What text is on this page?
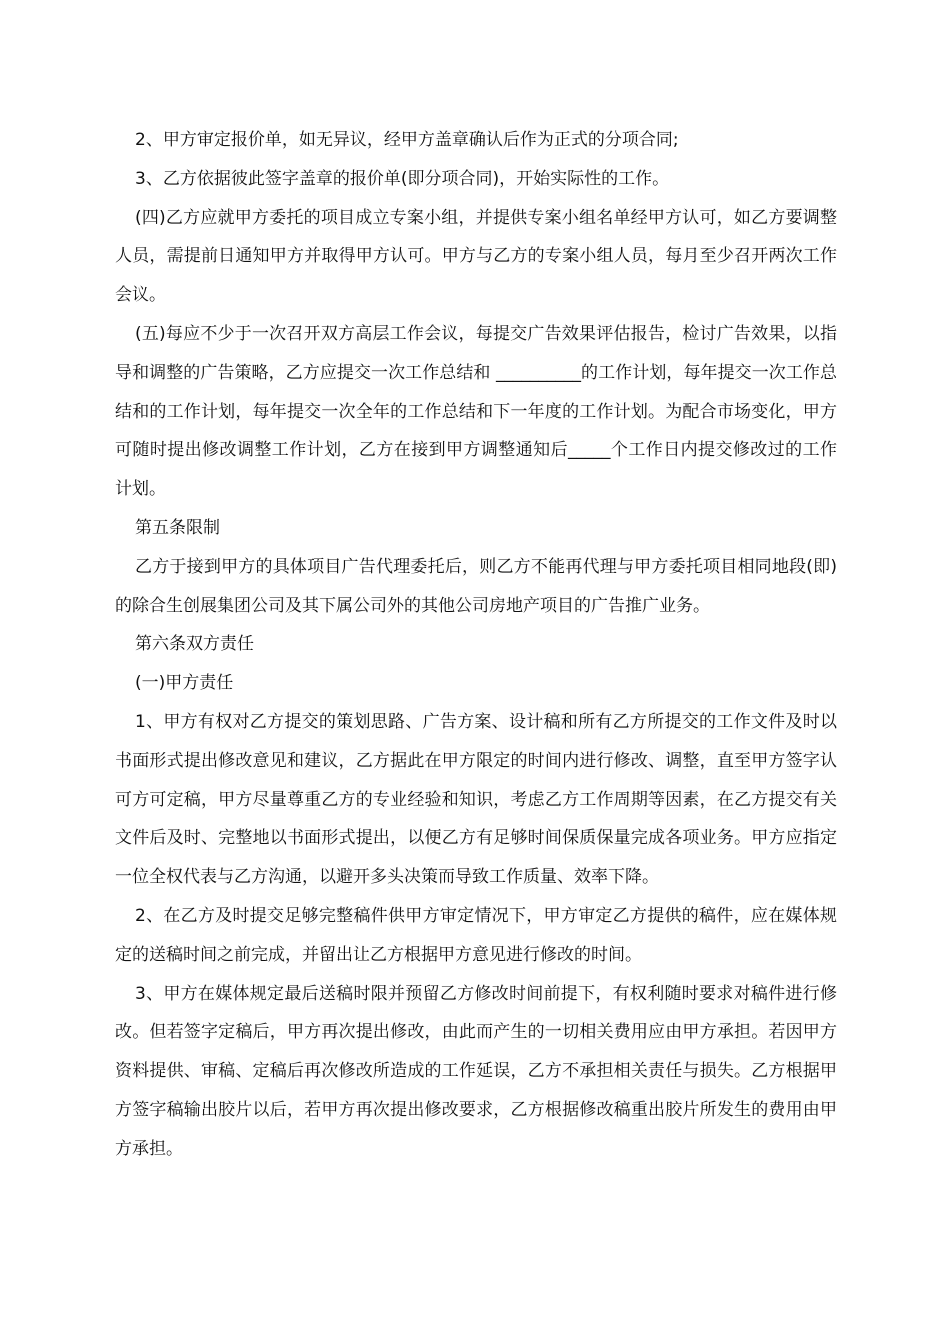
2、甲方审定报价单，如无异议，经甲方盖章确认后作为正式的分项合同;

3、乙方依据彼此签字盖章的报价单(即分项合同)，开始实际性的工作。

(四)乙方应就甲方委托的项目成立专案小组，并提供专案小组名单经甲方认可，如乙方要调整人员，需提前日通知甲方并取得甲方认可。甲方与乙方的专案小组人员，每月至少召开两次工作会议。

(五)每应不少于一次召开双方高层工作会议，每提交广告效果评估报告，检讨广告效果，以指导和调整的广告策略，乙方应提交一次工作总结和 __________的工作计划，每年提交一次工作总结和的工作计划，每年提交一次全年的工作总结和下一年度的工作计划。为配合市场变化，甲方可随时提出修改调整工作计划，乙方在接到甲方调整通知后_____个工作日内提交修改过的工作计划。

第五条限制

乙方于接到甲方的具体项目广告代理委托后，则乙方不能再代理与甲方委托项目相同地段(即)的除合生创展集团公司及其下属公司外的其他公司房地产项目的广告推广业务。

第六条双方责任

(一)甲方责任

1、甲方有权对乙方提交的策划思路、广告方案、设计稿和所有乙方所提交的工作文件及时以书面形式提出修改意见和建议，乙方据此在甲方限定的时间内进行修改、调整，直至甲方签字认可方可定稿，甲方尽量尊重乙方的专业经验和知识，考虑乙方工作周期等因素，在乙方提交有关文件后及时、完整地以书面形式提出，以便乙方有足够时间保质保量完成各项业务。甲方应指定一位全权代表与乙方沟通，以避开多头决策而导致工作质量、效率下降。

2、在乙方及时提交足够完整稿件供甲方审定情况下，甲方审定乙方提供的稿件，应在媒体规定的送稿时间之前完成，并留出让乙方根据甲方意见进行修改的时间。

3、甲方在媒体规定最后送稿时限并预留乙方修改时间前提下，有权利随时要求对稿件进行修改。但若签字定稿后，甲方再次提出修改，由此而产生的一切相关费用应由甲方承担。若因甲方资料提供、审稿、定稿后再次修改所造成的工作延误，乙方不承担相关责任与损失。乙方根据甲方签字稿输出胶片以后，若甲方再次提出修改要求，乙方根据修改稿重出胶片所发生的费用由甲方承担。
